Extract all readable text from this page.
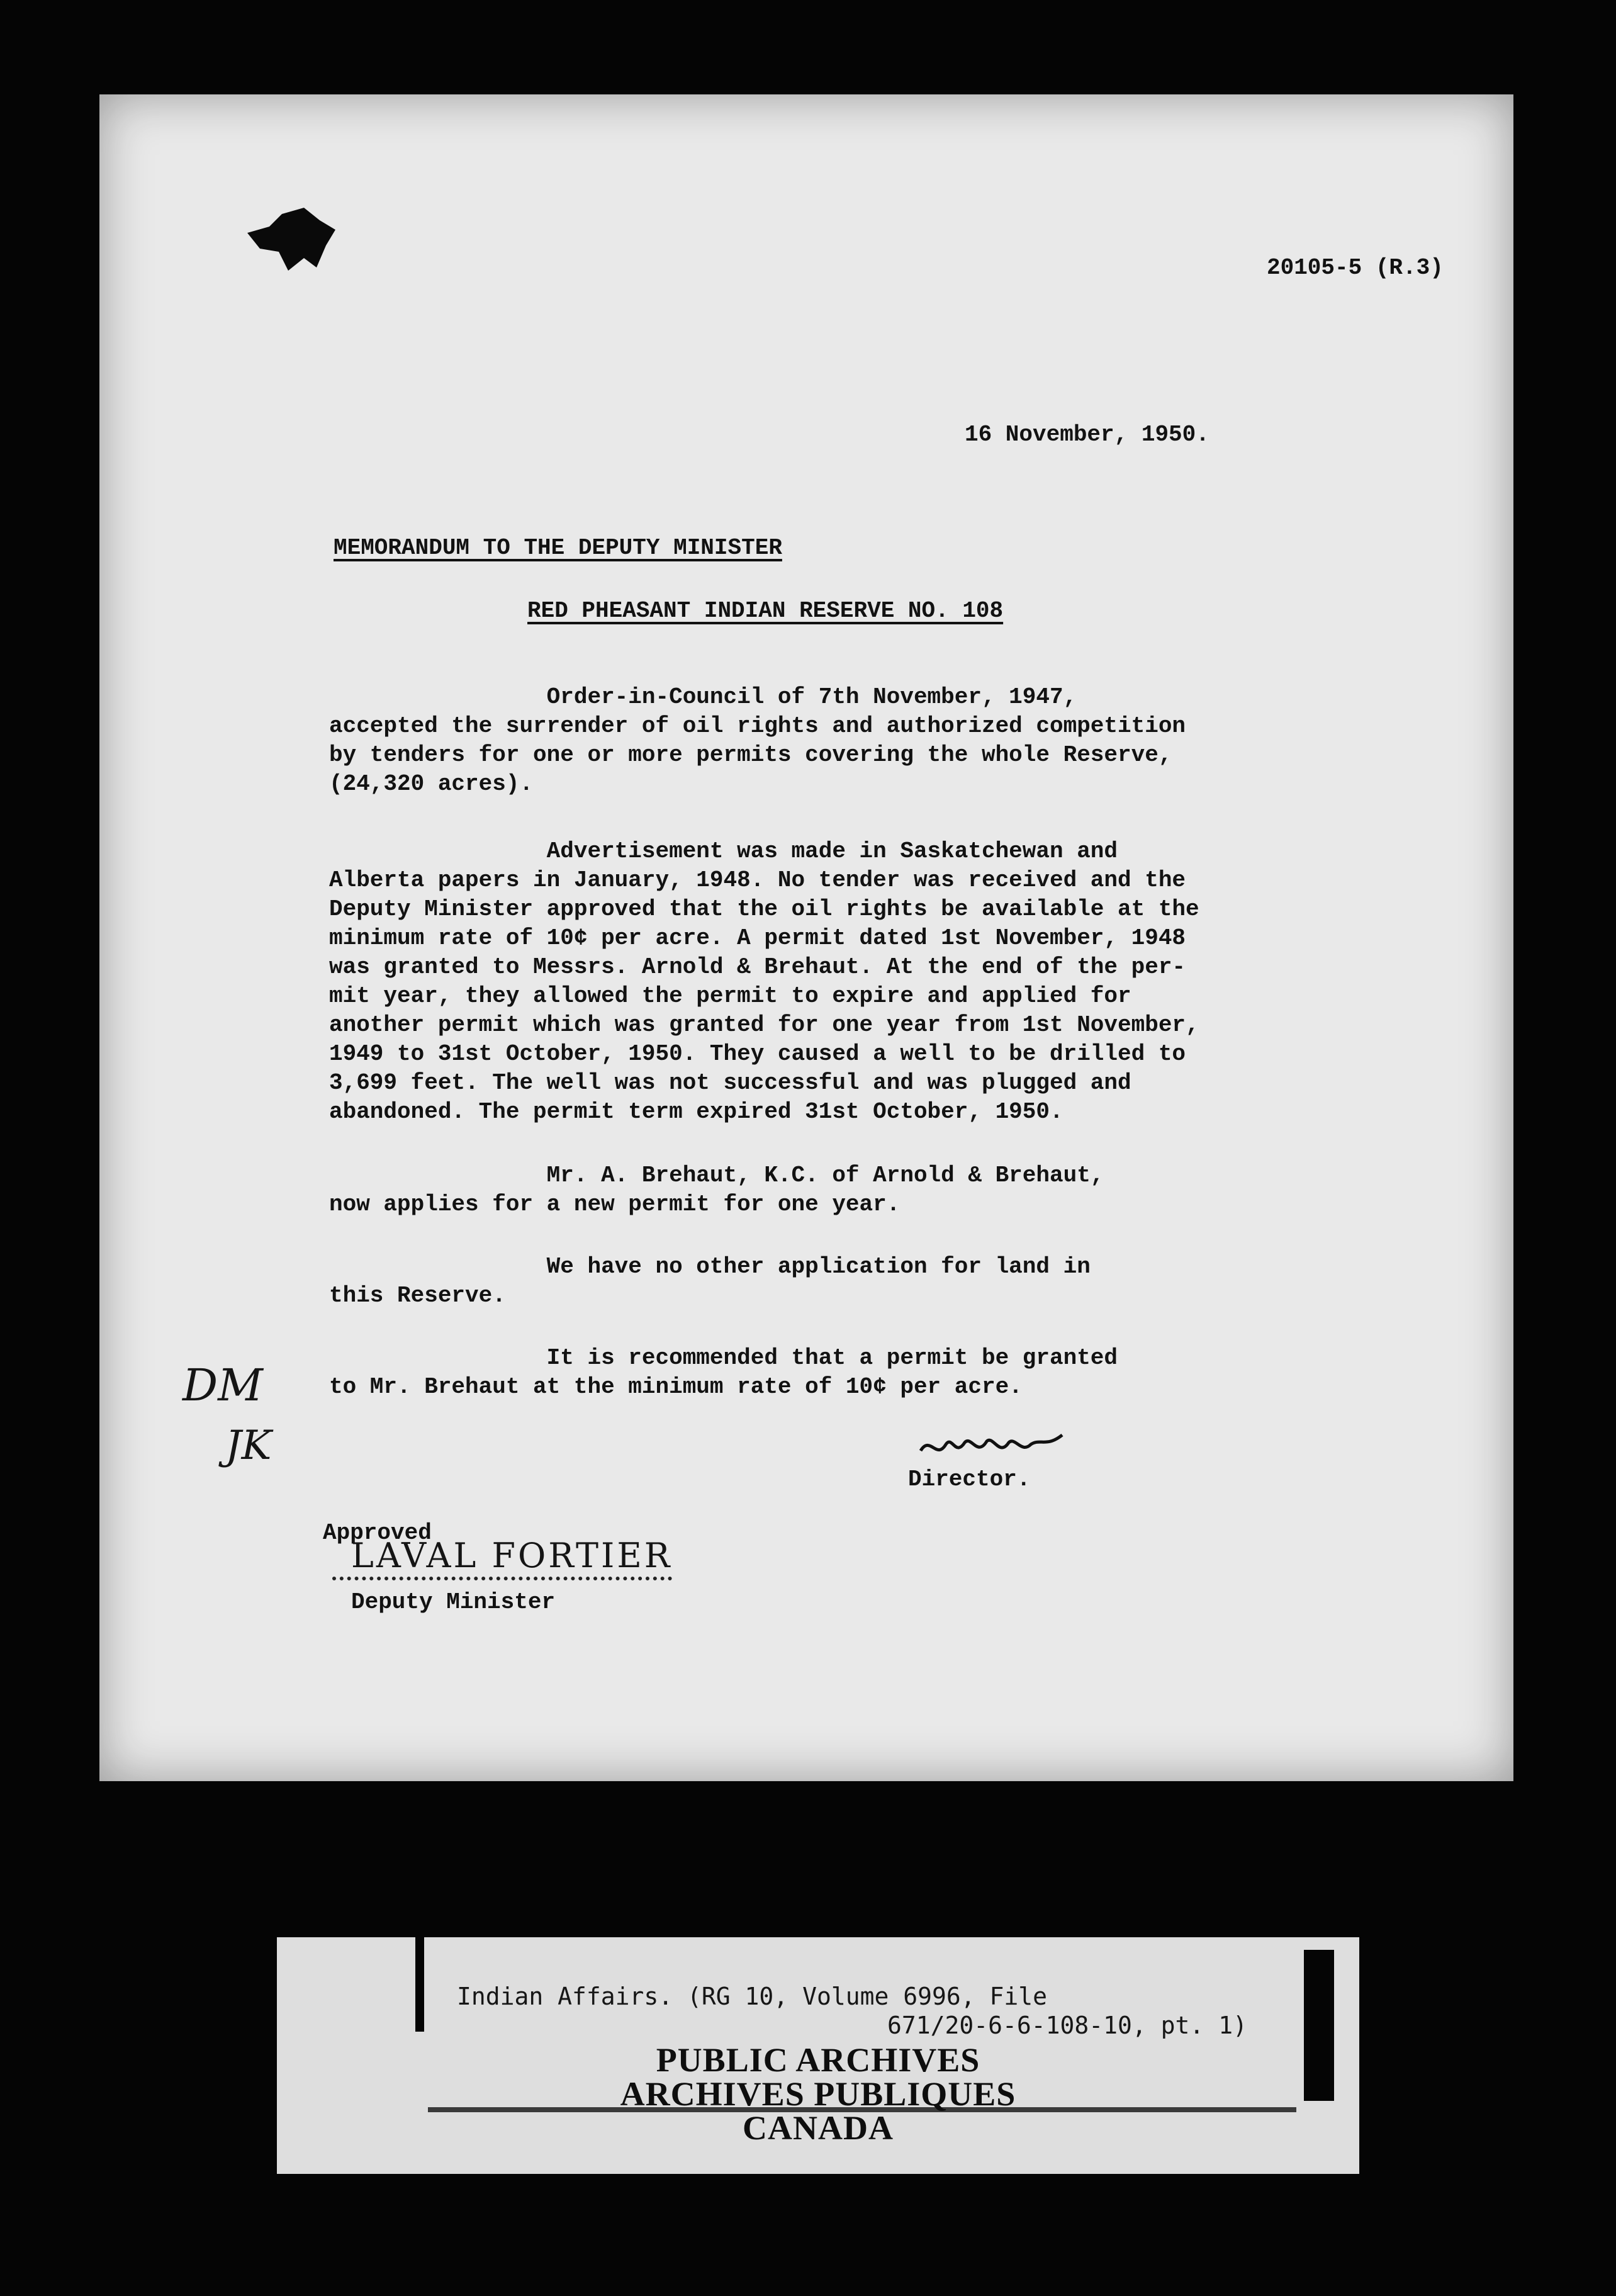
20105-5 (R.3)
16 November, 1950.
MEMORANDUM TO THE DEPUTY MINISTER
RED PHEASANT INDIAN RESERVE NO. 108

Order-in-Council of 7th November, 1947,

accepted the surrender of oil rights and authorized competition

by tenders for one or more permits covering the whole Reserve,

(24,320 acres).

Advertisement was made in Saskatchewan and

Alberta papers in January, 1948. No tender was received and the

Deputy Minister approved that the oil rights be available at the

minimum rate of 10¢ per acre. A permit dated 1st November, 1948

was granted to Messrs. Arnold & Brehaut. At the end of the per-

mit year, they allowed the permit to expire and applied for

another permit which was granted for one year from 1st November,

1949 to 31st October, 1950. They caused a well to be drilled to

3,699 feet. The well was not successful and was plugged and

abandoned. The permit term expired 31st October, 1950.

Mr. A. Brehaut, K.C. of Arnold & Brehaut,

now applies for a new permit for one year.

We have no other application for land in

this Reserve.

It is recommended that a permit be granted

to Mr. Brehaut at the minimum rate of 10¢ per acre.

DM
JK
Director.
Approved
LAVAL FORTIER
Deputy Minister
Indian Affairs. (RG 10, Volume 6996, File
671/20-6-6-108-10, pt. 1)
PUBLIC ARCHIVES
ARCHIVES PUBLIQUES
CANADA
